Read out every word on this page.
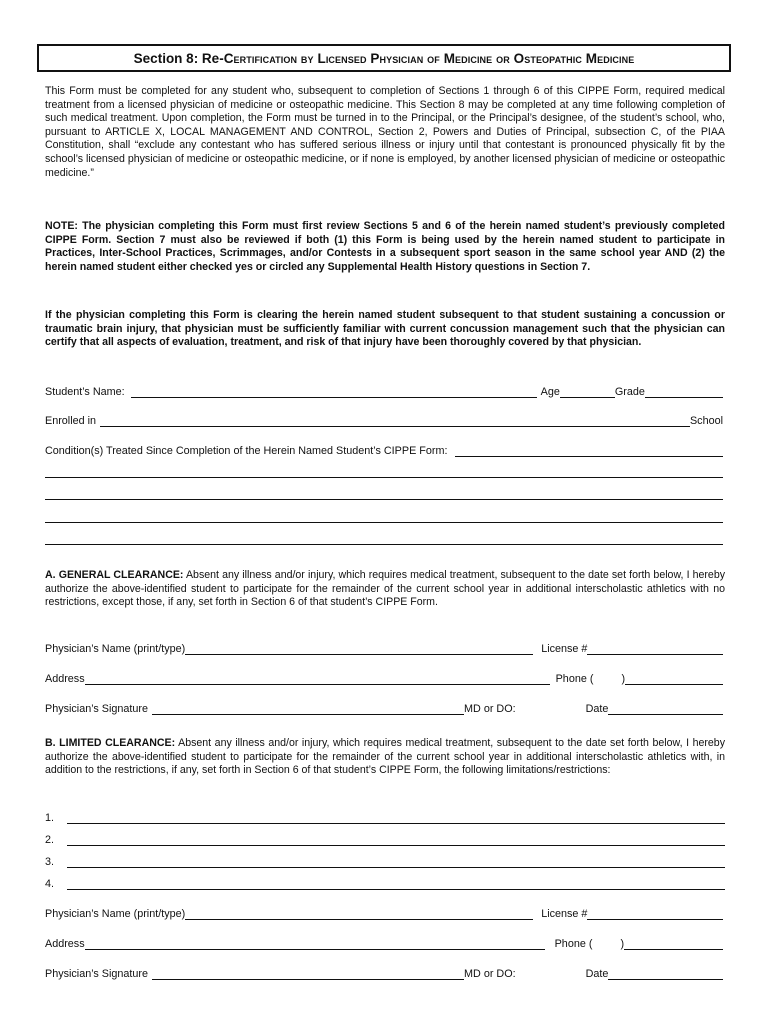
Section 8: Re- Certification by Licensed Physician of Medicine or Osteopathic Medicine

This Form must be completed for any student who, subsequent to completion of Sections 1 through 6 of this CIPPE Form, required medical treatment from a licensed physician of medicine or osteopathic medicine. This Section 8 may be completed at any time following completion of such medical treatment. Upon completion, the Form must be turned in to the Principal, or the Principal’s designee, of the student’s school, who, pursuant to ARTICLE X, LOCAL MANAGEMENT AND CONTROL, Section 2, Powers and Duties of Principal, subsection C, of the PIAA Constitution, shall “exclude any contestant who has suffered serious illness or injury until that contestant is pronounced physically fit by the school’s licensed physician of medicine or osteopathic medicine, or if none is employed, by another licensed physician of medicine or osteopathic medicine.”

NOTE: The physician completing this Form must first review Sections 5 and 6 of the herein named student’s previously completed CIPPE Form. Section 7 must also be reviewed if both (1) this Form is being used by the herein named student to participate in Practices, Inter-School Practices, Scrimmages, and/or Contests in a subsequent sport season in the same school year AND (2) the herein named student either checked yes or circled any Supplemental Health History questions in Section 7.

If the physician completing this Form is clearing the herein named student subsequent to that student sustaining a concussion or traumatic brain injury, that physician must be sufficiently familiar with current concussion management such that the physician can certify that all aspects of evaluation, treatment, and risk of that injury have been thoroughly covered by that physician.

Student’s Name:	Age	Grade
Enrolled in	School
Condition(s) Treated Since Completion of the Herein Named Student’s CIPPE Form:

A. GENERAL CLEARANCE: Absent any illness and/or injury, which requires medical treatment, subsequent to the date set forth below, I hereby authorize the above-identified student to participate for the remainder of the current school year in additional interscholastic athletics with no restrictions, except those, if any, set forth in Section 6 of that student’s CIPPE Form.

Physician’s Name (print/type)	License #
Address	Phone (	)
Physician’s Signature	MD or DO:	Date

B. LIMITED CLEARANCE: Absent any illness and/or injury, which requires medical treatment, subsequent to the date set forth below, I hereby authorize the above-identified student to participate for the remainder of the current school year in additional interscholastic athletics with, in addition to the restrictions, if any, set forth in Section 6 of that student’s CIPPE Form, the following limitations/restrictions:

1.
2.
3.
4.
Physician’s Name (print/type)	License #
Address	Phone (	)
Physician’s Signature	MD or DO:	Date
